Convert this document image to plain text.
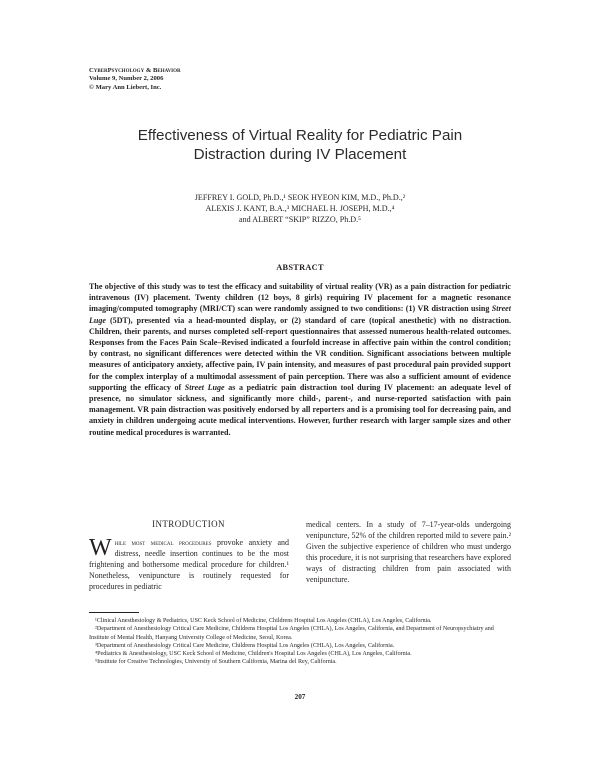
CyberPsychology & Behavior
Volume 9, Number 2, 2006
© Mary Ann Liebert, Inc.
Effectiveness of Virtual Reality for Pediatric Pain
Distraction during IV Placement
JEFFREY I. GOLD, Ph.D.,¹ SEOK HYEON KIM, M.D., Ph.D.,²
ALEXIS J. KANT, B.A.,³ MICHAEL H. JOSEPH, M.D.,⁴
and ALBERT “SKIP” RIZZO, Ph.D.⁵
ABSTRACT
The objective of this study was to test the efficacy and suitability of virtual reality (VR) as a pain distraction for pediatric intravenous (IV) placement. Twenty children (12 boys, 8 girls) requiring IV placement for a magnetic resonance imaging/computed tomography (MRI/CT) scan were randomly assigned to two conditions: (1) VR distraction using Street Luge (5DT), presented via a head-mounted display, or (2) standard of care (topical anesthetic) with no distraction. Children, their parents, and nurses completed self-report questionnaires that assessed numerous health-related outcomes. Responses from the Faces Pain Scale–Revised indicated a fourfold increase in affective pain within the control condition; by contrast, no significant differences were detected within the VR condition. Significant associations between multiple measures of anticipatory anxiety, affective pain, IV pain intensity, and measures of past procedural pain provided support for the complex interplay of a multimodal assessment of pain perception. There was also a sufficient amount of evidence supporting the efficacy of Street Luge as a pediatric pain distraction tool during IV placement: an adequate level of presence, no simulator sickness, and significantly more child-, parent-, and nurse-reported satisfaction with pain management. VR pain distraction was positively endorsed by all reporters and is a promising tool for decreasing pain, and anxiety in children undergoing acute medical interventions. However, further research with larger sample sizes and other routine medical procedures is warranted.
INTRODUCTION
While most medical procedures provoke anxiety and distress, needle insertion continues to be the most frightening and bothersome medical procedure for children.¹ Nonetheless, venipuncture is routinely requested for procedures in pediatric
medical centers. In a study of 7–17-year-olds undergoing venipuncture, 52% of the children reported mild to severe pain.² Given the subjective experience of children who must undergo this procedure, it is not surprising that researchers have explored ways of distracting children from pain associated with venipuncture.
¹Clinical Anesthesiology & Pediatrics, USC Keck School of Medicine, Childrens Hospital Los Angeles (CHLA), Los Angeles, California.
²Department of Anesthesiology Critical Care Medicine, Childrens Hospital Los Angeles (CHLA), Los Angeles, California, and Department of Neuropsychiatry and Institute of Mental Health, Hanyang University College of Medicine, Seoul, Korea.
³Department of Anesthesiology Critical Care Medicine, Childrens Hospital Los Angeles (CHLA), Los Angeles, California.
⁴Pediatrics & Anesthesiology, USC Keck School of Medicine, Children's Hospital Los Angeles (CHLA), Los Angeles, California.
⁵Institute for Creative Technologies, University of Southern California, Marina del Rey, California.
207
